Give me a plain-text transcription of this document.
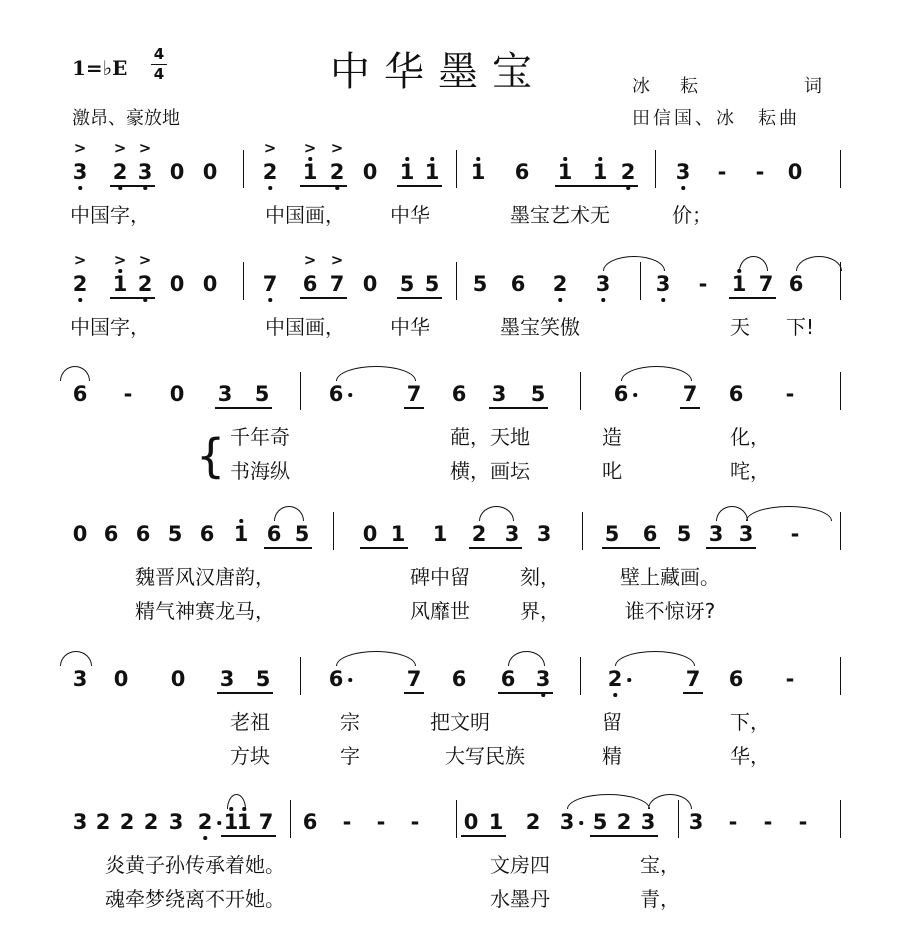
1=♭E
4
4	中华墨宝
激昂、豪放地
冰　耘	词
田信国、冰　耘曲
3
>
2
>
3
>
0 0 2
>
1
>
2
>
0 1 1 1 6 1 1 2 3 - - 0
中国字，	中国画， 中华	墨宝艺术无	价；
2
>
1
>
2
>
0 0 7 6
>
7
>
0 5 5 5 6 2 3 3 - 1 7 6
中国字，	中国画， 中华	墨宝笑傲	天 下!
6 - 0 3 5	6	7 6 3 5	6	7 6 -
千年奇	葩，天地	造	化，
书海纵	横，画坛	叱	咤，
{
0 6 6 5 6 1 6 5	0 1 1 2 3 3	5 6 5 3 3 -
魏晋风汉唐韵，	碑中留	刻，	壁上藏画。
精气神赛龙马，	风靡世	界，	谁不惊讶?
3 0 0 3 5	6	7 6 6 3	2	7 6 -
老祖	宗	把文明	留	下，
方块	字	大写民族	精	华，
3 2 2 2 3 2 1
1 7 6 - - - 0 1 2 3 5 2 3 3 - - -
炎黄子孙传承着她。	文房四	宝，
魂牵梦绕离不开她。	水墨丹	青，
